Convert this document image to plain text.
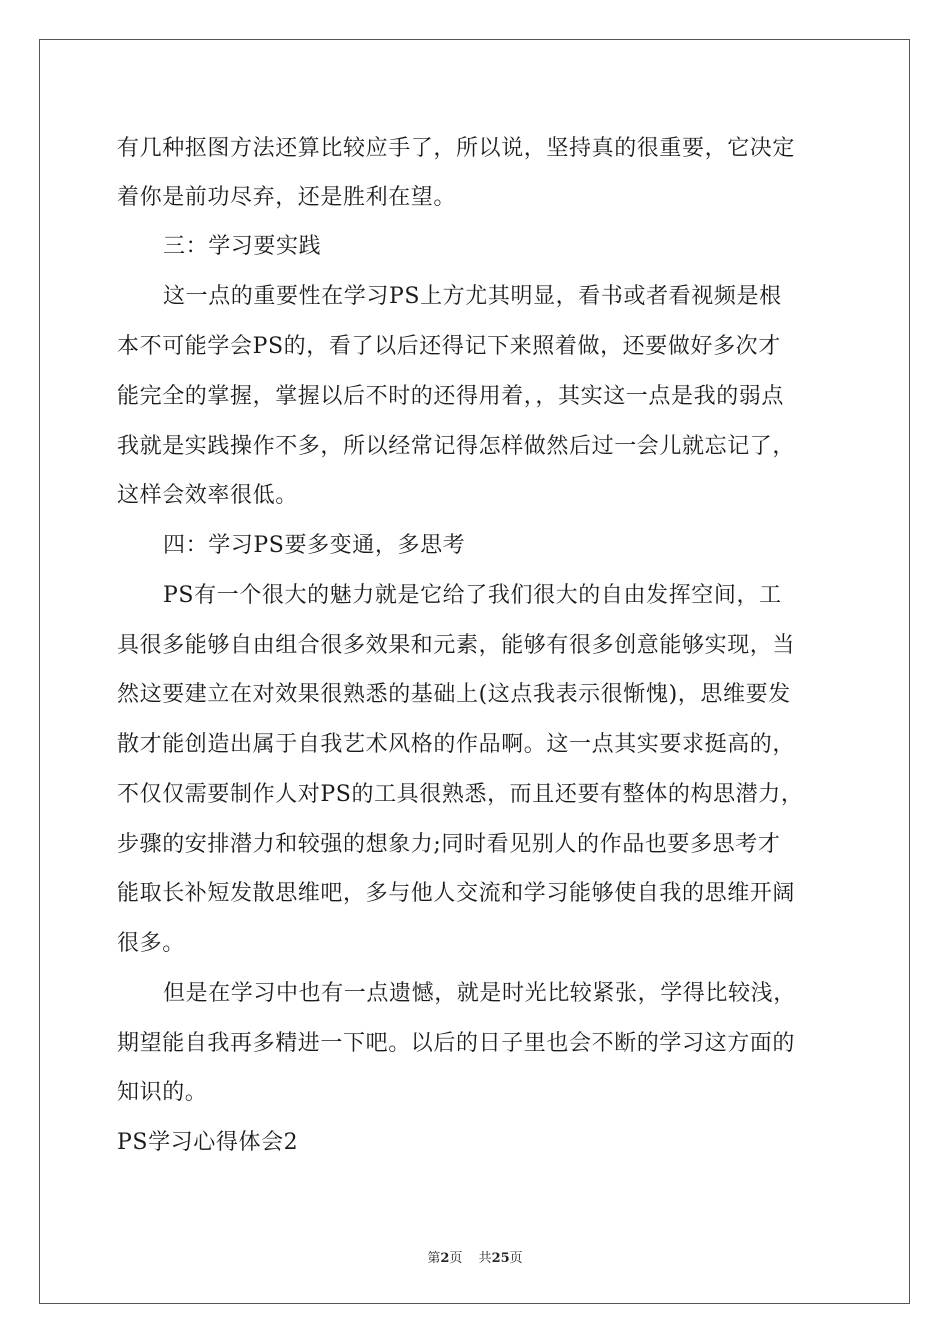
有几种抠图方法还算比较应手了，所以说，坚持真的很重要，它决定
着你是前功尽弃，还是胜利在望。
三：学习要实践
这一点的重要性在学习PS上方尤其明显，看书或者看视频是根
本不可能学会PS的，看了以后还得记下来照着做，还要做好多次才
能完全的掌握，掌握以后不时的还得用着，，其实这一点是我的弱点
我就是实践操作不多，所以经常记得怎样做然后过一会儿就忘记了，
这样会效率很低。
四：学习PS要多变通，多思考
PS有一个很大的魅力就是它给了我们很大的自由发挥空间，工
具很多能够自由组合很多效果和元素，能够有很多创意能够实现，当
然这要建立在对效果很熟悉的基础上(这点我表示很惭愧)，思维要发
散才能创造出属于自我艺术风格的作品啊。这一点其实要求挺高的，
不仅仅需要制作人对PS的工具很熟悉，而且还要有整体的构思潜力，
步骤的安排潜力和较强的想象力;同时看见别人的作品也要多思考才
能取长补短发散思维吧，多与他人交流和学习能够使自我的思维开阔
很多。
但是在学习中也有一点遗憾，就是时光比较紧张，学得比较浅，
期望能自我再多精进一下吧。以后的日子里也会不断的学习这方面的
知识的。
PS学习心得体会2
第2页 共25页
